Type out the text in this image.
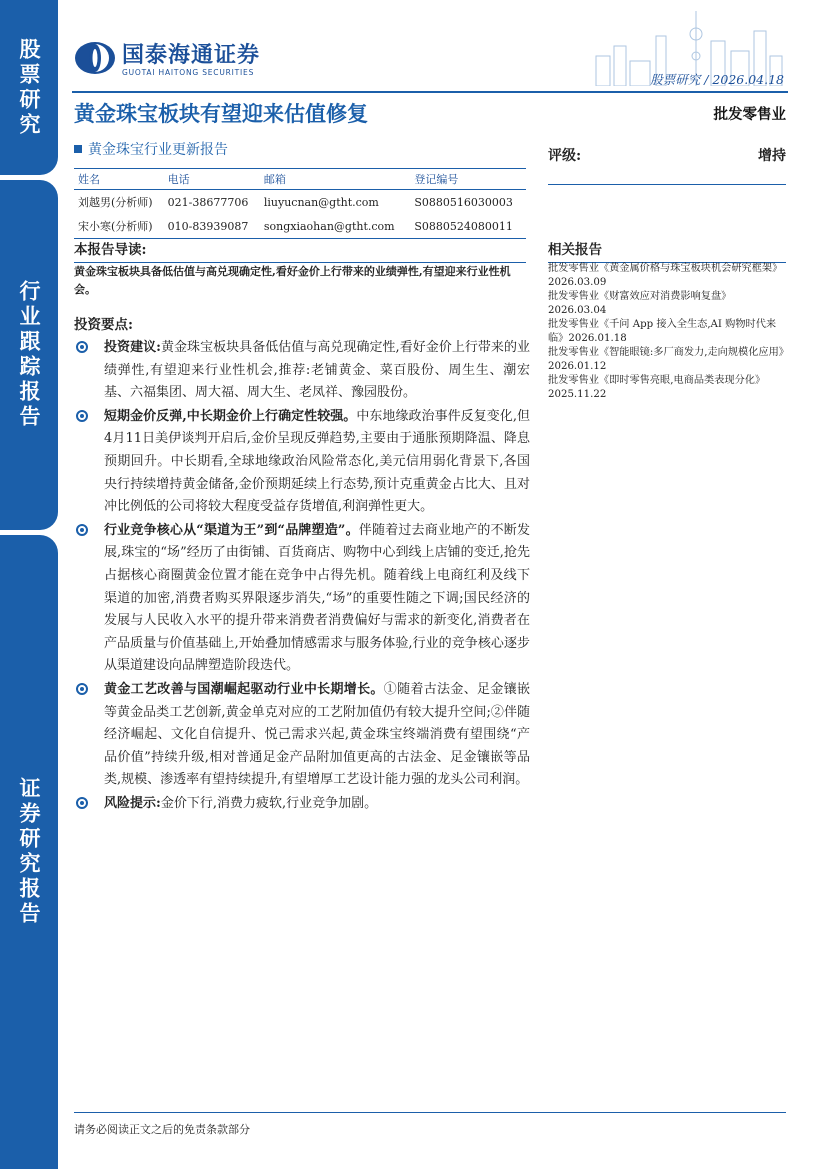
股票研究
行业跟踪报告
证券研究报告
国泰海通证券
GUOTAI HAITONG SECURITIES	股票研究 / 2026.04.18
黄金珠宝板块有望迎来估值修复	批发零售业
黄金珠宝行业更新报告
姓名	电话	邮箱	登记编号
刘越男(分析师)	021-38677706	liuyucnan@gtht.com	S0880516030003
宋小寒(分析师)	010-83939087	songxiaohan@gtht.com	S0880524080011
评级:	增持
本报告导读:
黄金珠宝板块具备低估值与高兑现确定性,看好金价上行带来的业绩弹性,有望迎来行业性机会。
投资要点:
投资建议:黄金珠宝板块具备低估值与高兑现确定性,看好金价上行带来的业绩弹性,有望迎来行业性机会,推荐:老铺黄金、菜百股份、周生生、潮宏基、六福集团、周大福、周大生、老凤祥、豫园股份。
短期金价反弹,中长期金价上行确定性较强。中东地缘政治事件反复变化,但4月11日美伊谈判开启后,金价呈现反弹趋势,主要由于通胀预期降温、降息预期回升。中长期看,全球地缘政治风险常态化,美元信用弱化背景下,各国央行持续增持黄金储备,金价预期延续上行态势,预计克重黄金占比大、且对冲比例低的公司将较大程度受益存货增值,利润弹性更大。
行业竞争核心从“渠道为王”到“品牌塑造”。伴随着过去商业地产的不断发展,珠宝的“场”经历了由街铺、百货商店、购物中心到线上店铺的变迁,抢先占据核心商圈黄金位置才能在竞争中占得先机。随着线上电商红利及线下渠道的加密,消费者购买界限逐步消失,“场”的重要性随之下调;国民经济的发展与人民收入水平的提升带来消费者消费偏好与需求的新变化,消费者在产品质量与价值基础上,开始叠加情感需求与服务体验,行业的竞争核心逐步从渠道建设向品牌塑造阶段迭代。
黄金工艺改善与国潮崛起驱动行业中长期增长。①随着古法金、足金镶嵌等黄金品类工艺创新,黄金单克对应的工艺附加值仍有较大提升空间;②伴随经济崛起、文化自信提升、悦己需求兴起,黄金珠宝终端消费有望围绕“产品价值”持续升级,相对普通足金产品附加值更高的古法金、足金镶嵌等品类,规模、渗透率有望持续提升,有望增厚工艺设计能力强的龙头公司利润。
风险提示:金价下行,消费力疲软,行业竞争加剧。
相关报告
批发零售业《黄金属价格与珠宝板块机会研究框架》2026.03.09
批发零售业《财富效应对消费影响复盘》2026.03.04
批发零售业《千问 App 接入全生态,AI 购物时代来临》2026.01.18
批发零售业《智能眼镜:多厂商发力,走向规模化应用》2026.01.12
批发零售业《即时零售亮眼,电商品类表现分化》2025.11.22
请务必阅读正文之后的免责条款部分
